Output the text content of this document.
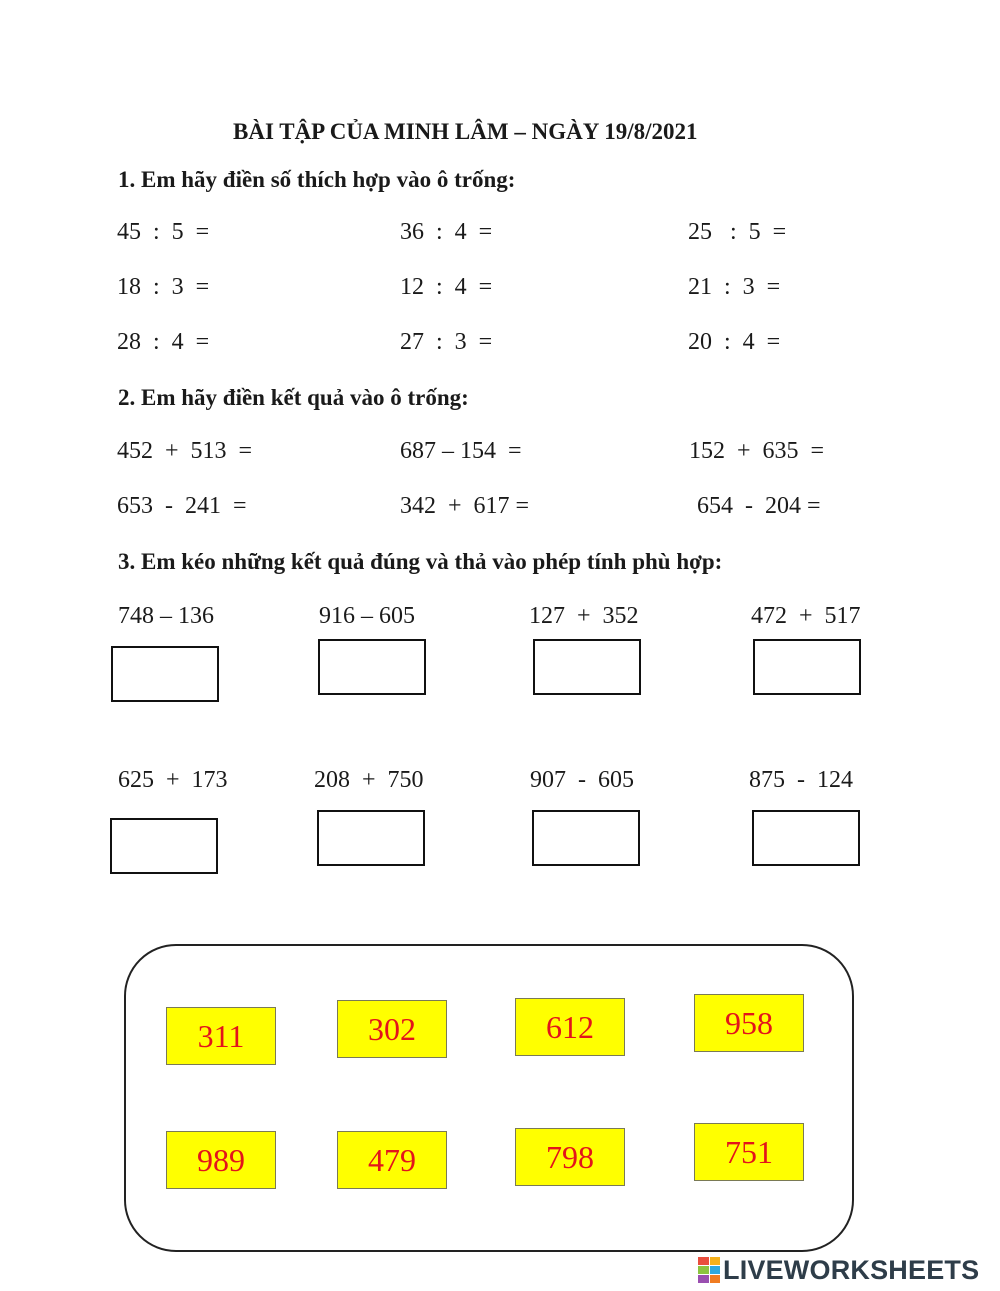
BÀI TẬP CỦA MINH LÂM – NGÀY 19/8/2021
1. Em hãy điền số thích hợp vào ô trống:
45  :  5  =	36  :  4  =	25   :  5  =
18  :  3  =	12  :  4  =	21  :  3  =
28  :  4  =	27  :  3  =	20  :  4  =
2. Em hãy điền kết quả vào ô trống:
452  +  513  =	687 – 154  =	152  +  635  =
653  -  241  =	342  +  617 =	654  -  204 =
3. Em kéo những kết quả đúng và thả vào phép tính phù hợp:
748 – 136	916 – 605	127  +  352	472  +  517
625  +  173	208  +  750	907  -  605	875  -  124
311	302	612	958
989	479	798	751
LIVEWORKSHEETS
